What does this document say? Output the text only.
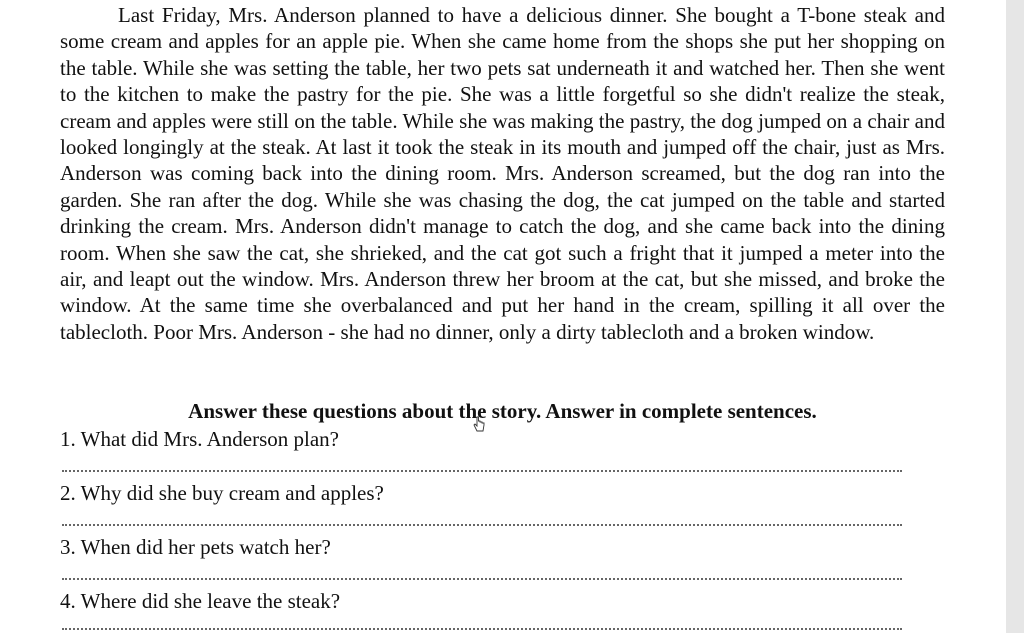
Last Friday, Mrs. Anderson planned to have a delicious dinner. She bought a T-bone steak and some cream and apples for an apple pie. When she came home from the shops she put her shopping on the table. While she was setting the table, her two pets sat underneath it and watched her. Then she went to the kitchen to make the pastry for the pie. She was a little forgetful so she didn't realize the steak, cream and apples were still on the table. While she was making the pastry, the dog jumped on a chair and looked longingly at the steak. At last it took the steak in its mouth and jumped off the chair, just as Mrs. Anderson was coming back into the dining room. Mrs. Anderson screamed, but the dog ran into the garden. She ran after the dog. While she was chasing the dog, the cat jumped on the table and started drinking the cream. Mrs. Anderson didn't manage to catch the dog, and she came back into the dining room. When she saw the cat, she shrieked, and the cat got such a fright that it jumped a meter into the air, and leapt out the window. Mrs. Anderson threw her broom at the cat, but she missed, and broke the window. At the same time she overbalanced and put her hand in the cream, spilling it all over the tablecloth. Poor Mrs. Anderson - she had no dinner, only a dirty tablecloth and a broken window.

Answer these questions about the story. Answer in complete sentences.

1. What did Mrs. Anderson plan?

2. Why did she buy cream and apples?

3. When did her pets watch her?

4. Where did she leave the steak?
